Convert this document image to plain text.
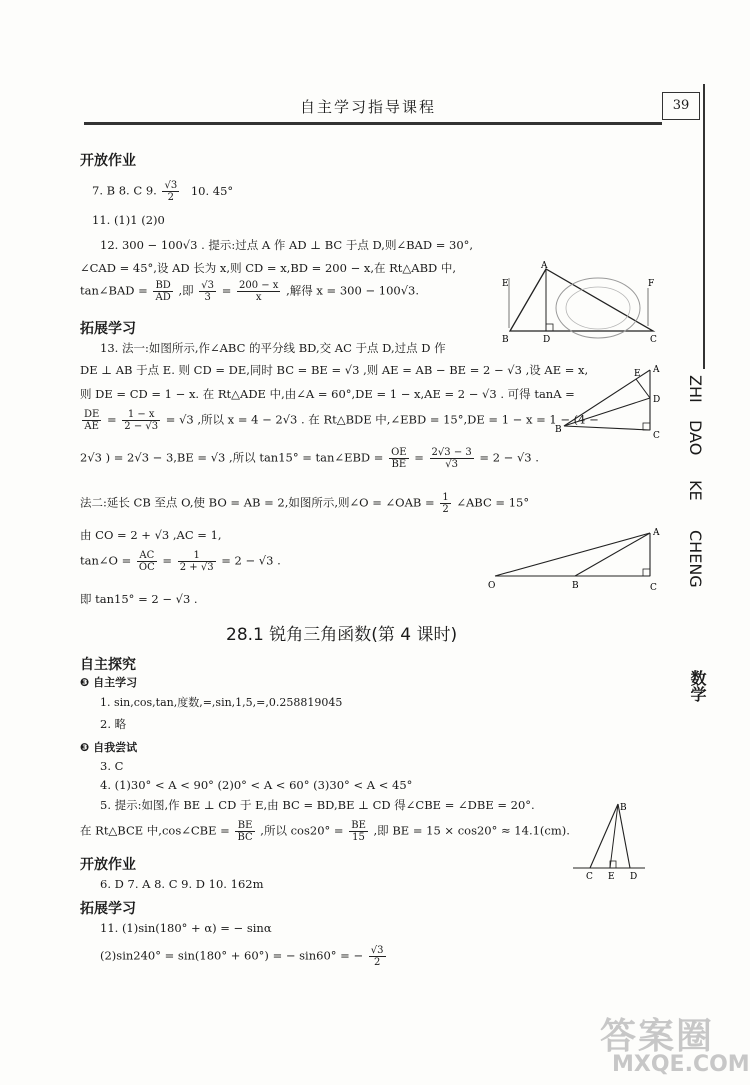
自主学习指导课程	39
ZHI
DAO
KE
CHENG
数学
开放作业
7. B 8. C 9. $\frac{√3}{2} 10$. 45°
11. (1)1 (2)0
12. 300 − 100√3 . 提示:过点 A 作 AD ⊥ BC 于点 D,则∠BAD = 30°,
∠CAD = 45°,设 AD 长为 x,则 CD = x,BD = 200 − x,在 Rt△ABD 中,
tan∠BAD = $\frac{BD}{AD}$ ,即 $\frac{√3}{3} = \frac{200 - x}{x}$ ,解得 x = 300 − 100√3.
A
E	F
B	D	C
拓展学习
13. 法一:如图所示,作∠ABC 的平分线 BD,交 AC 于点 D,过点 D 作
DE ⊥ AB 于点 E. 则 CD = DE,同时 BC = BE = √3 ,则 AE = AB − BE = 2 − √3 ,设 AE = x,
则 DE = CD = 1 − x. 在 Rt△ADE 中,由∠A = 60°,DE = 1 − x,AE = 2 − √3 . 可得 tanA =
$\frac{DE}{AE} = \frac{1 - x}{2 - √3} = √3$ ,所以 x = 4 − 2√3 . 在 Rt△BDE 中,∠EBD = 15°,DE = 1 − x = 1 − (4 −
2√3 ) = 2√3 − 3,BE = √3 ,所以 tan15° = tan∠EBD = $\frac{OE}{BE} = \frac{2√3 - 3}{√3} = 2 - √3$ .
E A
D
B
C
法二:延长 CB 至点 O,使 BO = AB = 2,如图所示,则∠O = ∠OAB = $\frac{1}{2}$ ∠ABC = 15°
由 CO = 2 + √3 ,AC = 1,
tan∠O = $\frac{AC}{OC} = \frac{1}{2 + √3} = 2 - √3$ .
即 tan15° = 2 − √3 .
A
O	B	C
28.1 锐角三角函数(第 4 课时)
自主探究
❸ 自主学习
1. sin,cos,tan,度数,=,sin,1,5,=,0.258819045
2. 略
❸ 自我尝试
3. C
4. (1)30° < A < 90° (2)0° < A < 60° (3)30° < A < 45°
5. 提示:如图,作 BE ⊥ CD 于 E,由 BC = BD,BE ⊥ CD 得∠CBE = ∠DBE = 20°.
在 Rt△BCE 中,cos∠CBE = $\frac{BE}{BC}$ ,所以 $\cos 20^\circ = \frac{BE}{15}$ ,即 BE = 15 × cos20° ≈ 14.1(cm).
B
C E D
开放作业
6. D 7. A 8. C 9. D 10. 162m
拓展学习
11. (1)sin(180° + α) = − sinα
(2)sin240° = sin(180° + 60°) = − sin60° = − $\frac{√3}{2}$
答案圈
MXQE.COM
